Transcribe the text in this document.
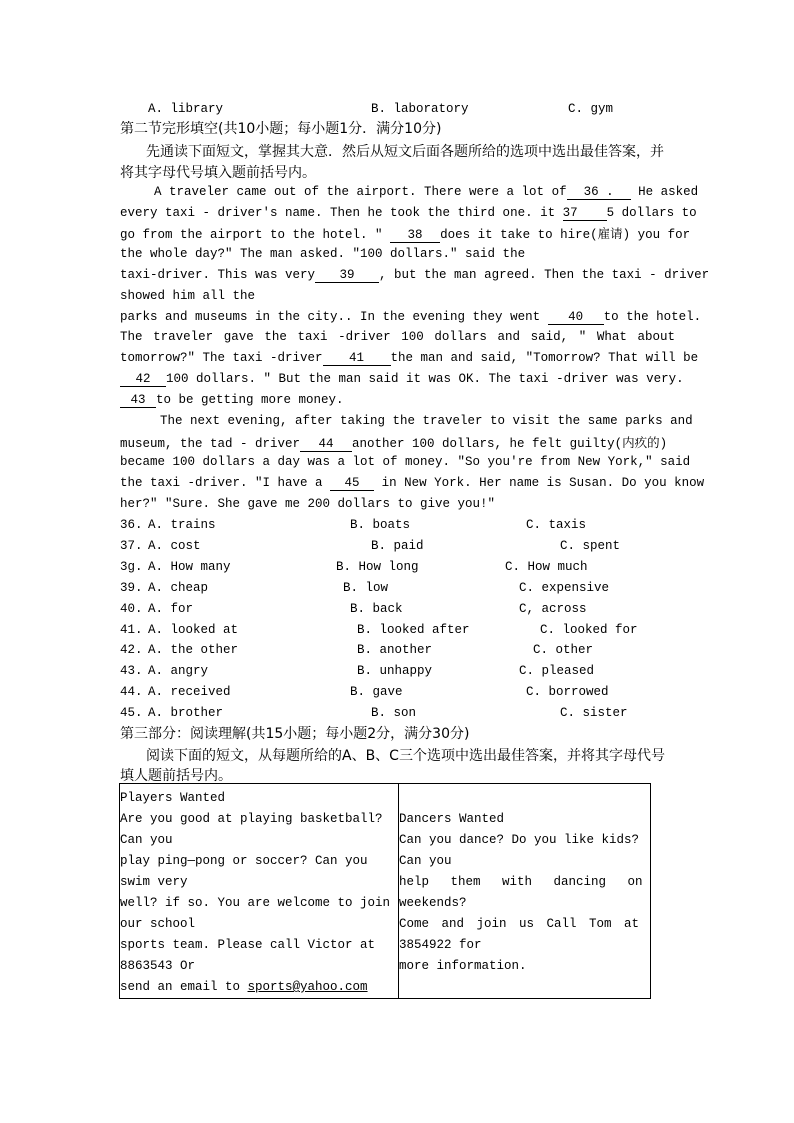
A. library	B. laboratory	C. gym
第二节完形填空(共10小题；每小题1分．满分10分)
先通读下面短文，掌握其大意．然后从短文后面各题所给的选项中选出最佳答案，并
将其字母代号填入题前括号内。
A traveler came out of the airport. There were a lot of 36 . He asked
every taxi - driver's name. Then he took the third one. it 37 5 dollars to
go from the airport to the hotel. " 38 does it take to hire(雇请) you for
the whole day?" The man asked. "100 dollars." said the
taxi-driver. This was very 39 , but the man agreed. Then the taxi - driver
showed him all the
parks and museums in the city.. In the evening they went 40 to the hotel.
The traveler gave the taxi -driver 100 dollars and said, " What about
tomorrow?" The taxi -driver 41 the man and said, "Tomorrow? That will be
42 100 dollars. " But the man said it was OK. The taxi -driver was very.
43 to be getting more money.
The next evening, after taking the traveler to visit the same parks and
museum, the tad - driver 44 another 100 dollars, he felt guilty(内疚的)
became 100 dollars a day was a lot of money. "So you're from New York," said
the taxi -driver. "I have a 45 in New York. Her name is Susan. Do you know
her?" "Sure. She gave me 200 dollars to give you!"
36. A. trains	B. boats	C. taxis
37. A. cost	B. paid	C. spent
3g. A. How many	B. How long	C. How much
39. A. cheap	B. low	C. expensive
40. A. for	B. back	C, across
41. A. looked at	B. looked after	C. looked for
42. A. the other	B. another	C. other
43. A. angry	B. unhappy	C. pleased
44. A. received	B. gave	C. borrowed
45. A. brother	B. son	C. sister
第三部分：阅读理解(共15小题；每小题2分，满分30分)
阅读下面的短文，从每题所给的A、B、C三个选项中选出最佳答案，并将其字母代号
填人题前括号内。
Players Wanted
Are you good at playing basketball?
Can you
play ping—pong or soccer? Can you
swim very
well? if so. You are welcome to join
our school
sports team. Please call Victor at
8863543 Or
send an email to sports@yahoo.com

Dancers Wanted
Can you dance? Do you like kids?
Can you
help them with dancing on
weekends?
Come and join us Call Tom at
3854922 for
more information.
